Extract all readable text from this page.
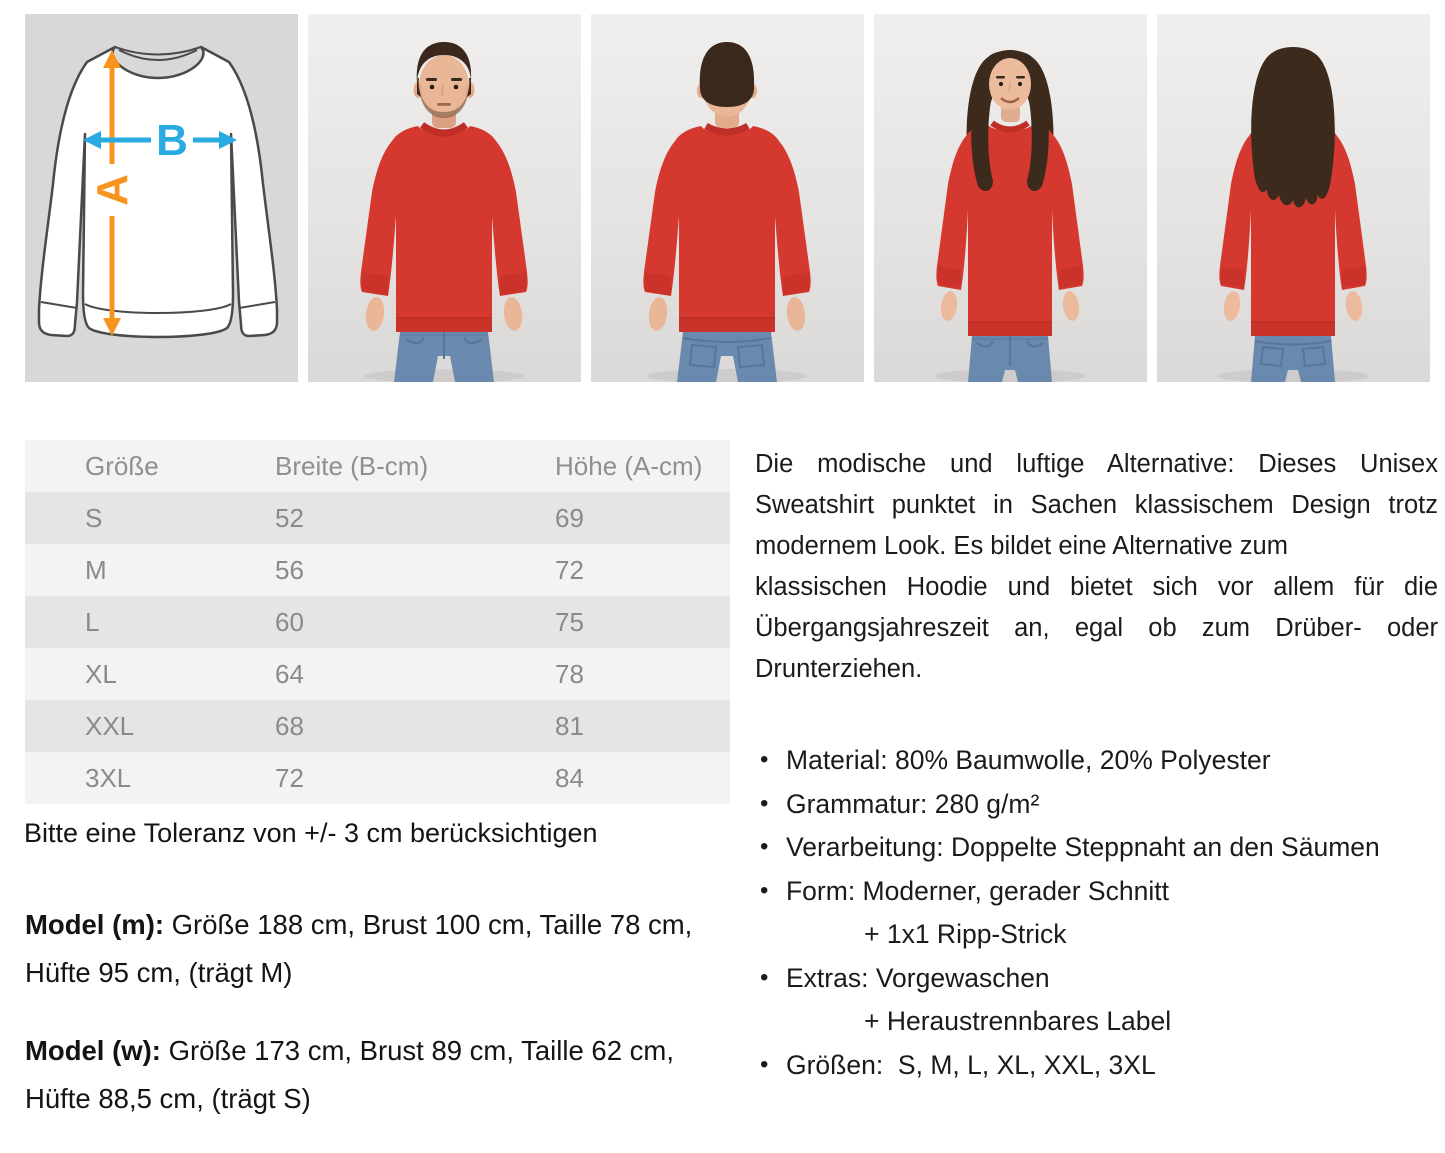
A
B
Größe	Breite (B-cm)	Höhe (A-cm)
S	52	69
M	56	72
L	60	75
XL	64	78
XXL	68	81
3XL	72	84
Bitte eine Toleranz von +/- 3 cm berücksichtigen
Model (m): Größe 188 cm, Brust 100 cm, Taille 78 cm, Hüfte 95 cm, (trägt M)
Model (w): Größe 173 cm, Brust 89 cm, Taille 62 cm, Hüfte 88,5 cm, (trägt S)
Die modische und luftige Alternative: Dieses Unisex
Sweatshirt punktet in Sachen klassischem Design trotz
modernem Look. Es bildet eine Alternative zum
klassischen Hoodie und bietet sich vor allem für die
Übergangsjahreszeit an, egal ob zum Drüber- oder
Drunterziehen.
• Material: 80% Baumwolle, 20% Polyester
• Grammatur: 280 g/m²
• Verarbeitung: Doppelte Steppnaht an den Säumen
• Form: Moderner, gerader Schnitt
+ 1x1 Ripp-Strick
• Extras: Vorgewaschen
+ Heraustrennbares Label
• Größen:  S, M, L, XL, XXL, 3XL
